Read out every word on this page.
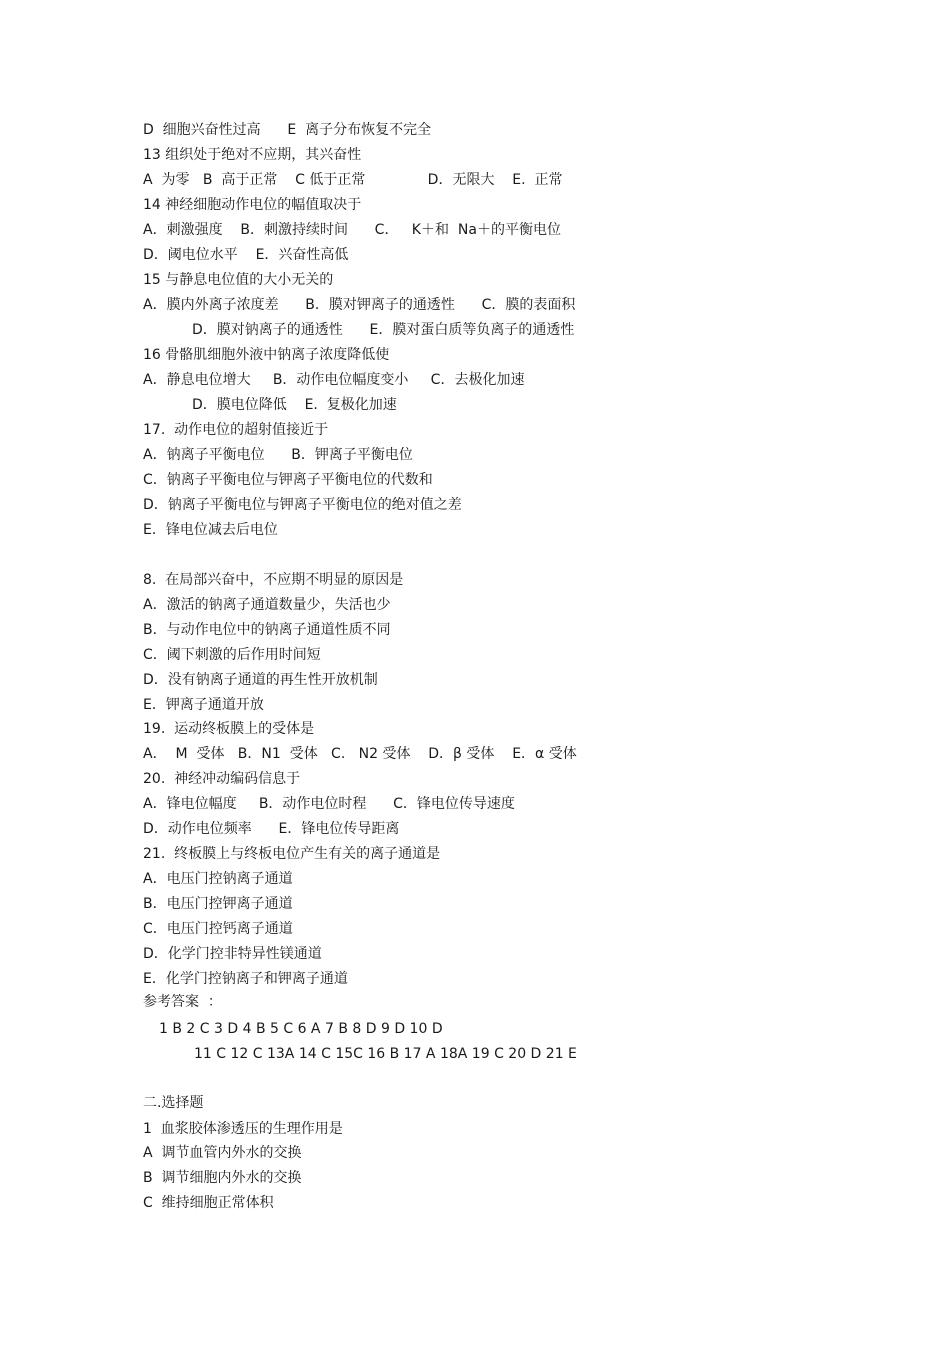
D  细胞兴奋性过高      E  离子分布恢复不完全
13 组织处于绝对不应期，其兴奋性
A  为零   B  高于正常    C 低于正常              D．无限大    E.  正常
14 神经细胞动作电位的幅值取决于
A．刺激强度    B．刺激持续时间      C．   K＋和  Na＋的平衡电位
D．阈电位水平    E．兴奋性高低
15 与静息电位值的大小无关的
A．膜内外离子浓度差      B．膜对钾离子的通透性      C．膜的表面积
D．膜对钠离子的通透性      E．膜对蛋白质等负离子的通透性
16 骨骼肌细胞外液中钠离子浓度降低使
A．静息电位增大     B．动作电位幅度变小     C．去极化加速
D．膜电位降低    E.  复极化加速
17.  动作电位的超射值接近于
A．钠离子平衡电位      B．钾离子平衡电位
C．钠离子平衡电位与钾离子平衡电位的代数和
D．钠离子平衡电位与钾离子平衡电位的绝对值之差
E．锋电位减去后电位
8.  在局部兴奋中，不应期不明显的原因是
A．激活的钠离子通道数量少，失活也少
B．与动作电位中的钠离子通道性质不同
C．阈下刺激的后作用时间短
D．没有钠离子通道的再生性开放机制
E．钾离子通道开放
19.  运动终板膜上的受体是
A．  M  受体   B．N1  受体   C.   N2 受体    D．β 受体    E．α 受体
20.  神经冲动编码信息于
A．锋电位幅度     B．动作电位时程      C．锋电位传导速度
D．动作电位频率      E．锋电位传导距离
21.  终板膜上与终板电位产生有关的离子通道是
A．电压门控钠离子通道
B．电压门控钾离子通道
C．电压门控钙离子通道
D．化学门控非特异性镁通道
E．化学门控钠离子和钾离子通道
参考答案  ：
1 B 2 C 3 D 4 B 5 C 6 A 7 B 8 D 9 D 10 D
11 C 12 C 13A 14 C 15C 16 B 17 A 18A 19 C 20 D 21 E
二.选择题
1  血浆胶体渗透压的生理作用是
A  调节血管内外水的交换
B  调节细胞内外水的交换
C  维持细胞正常体积
